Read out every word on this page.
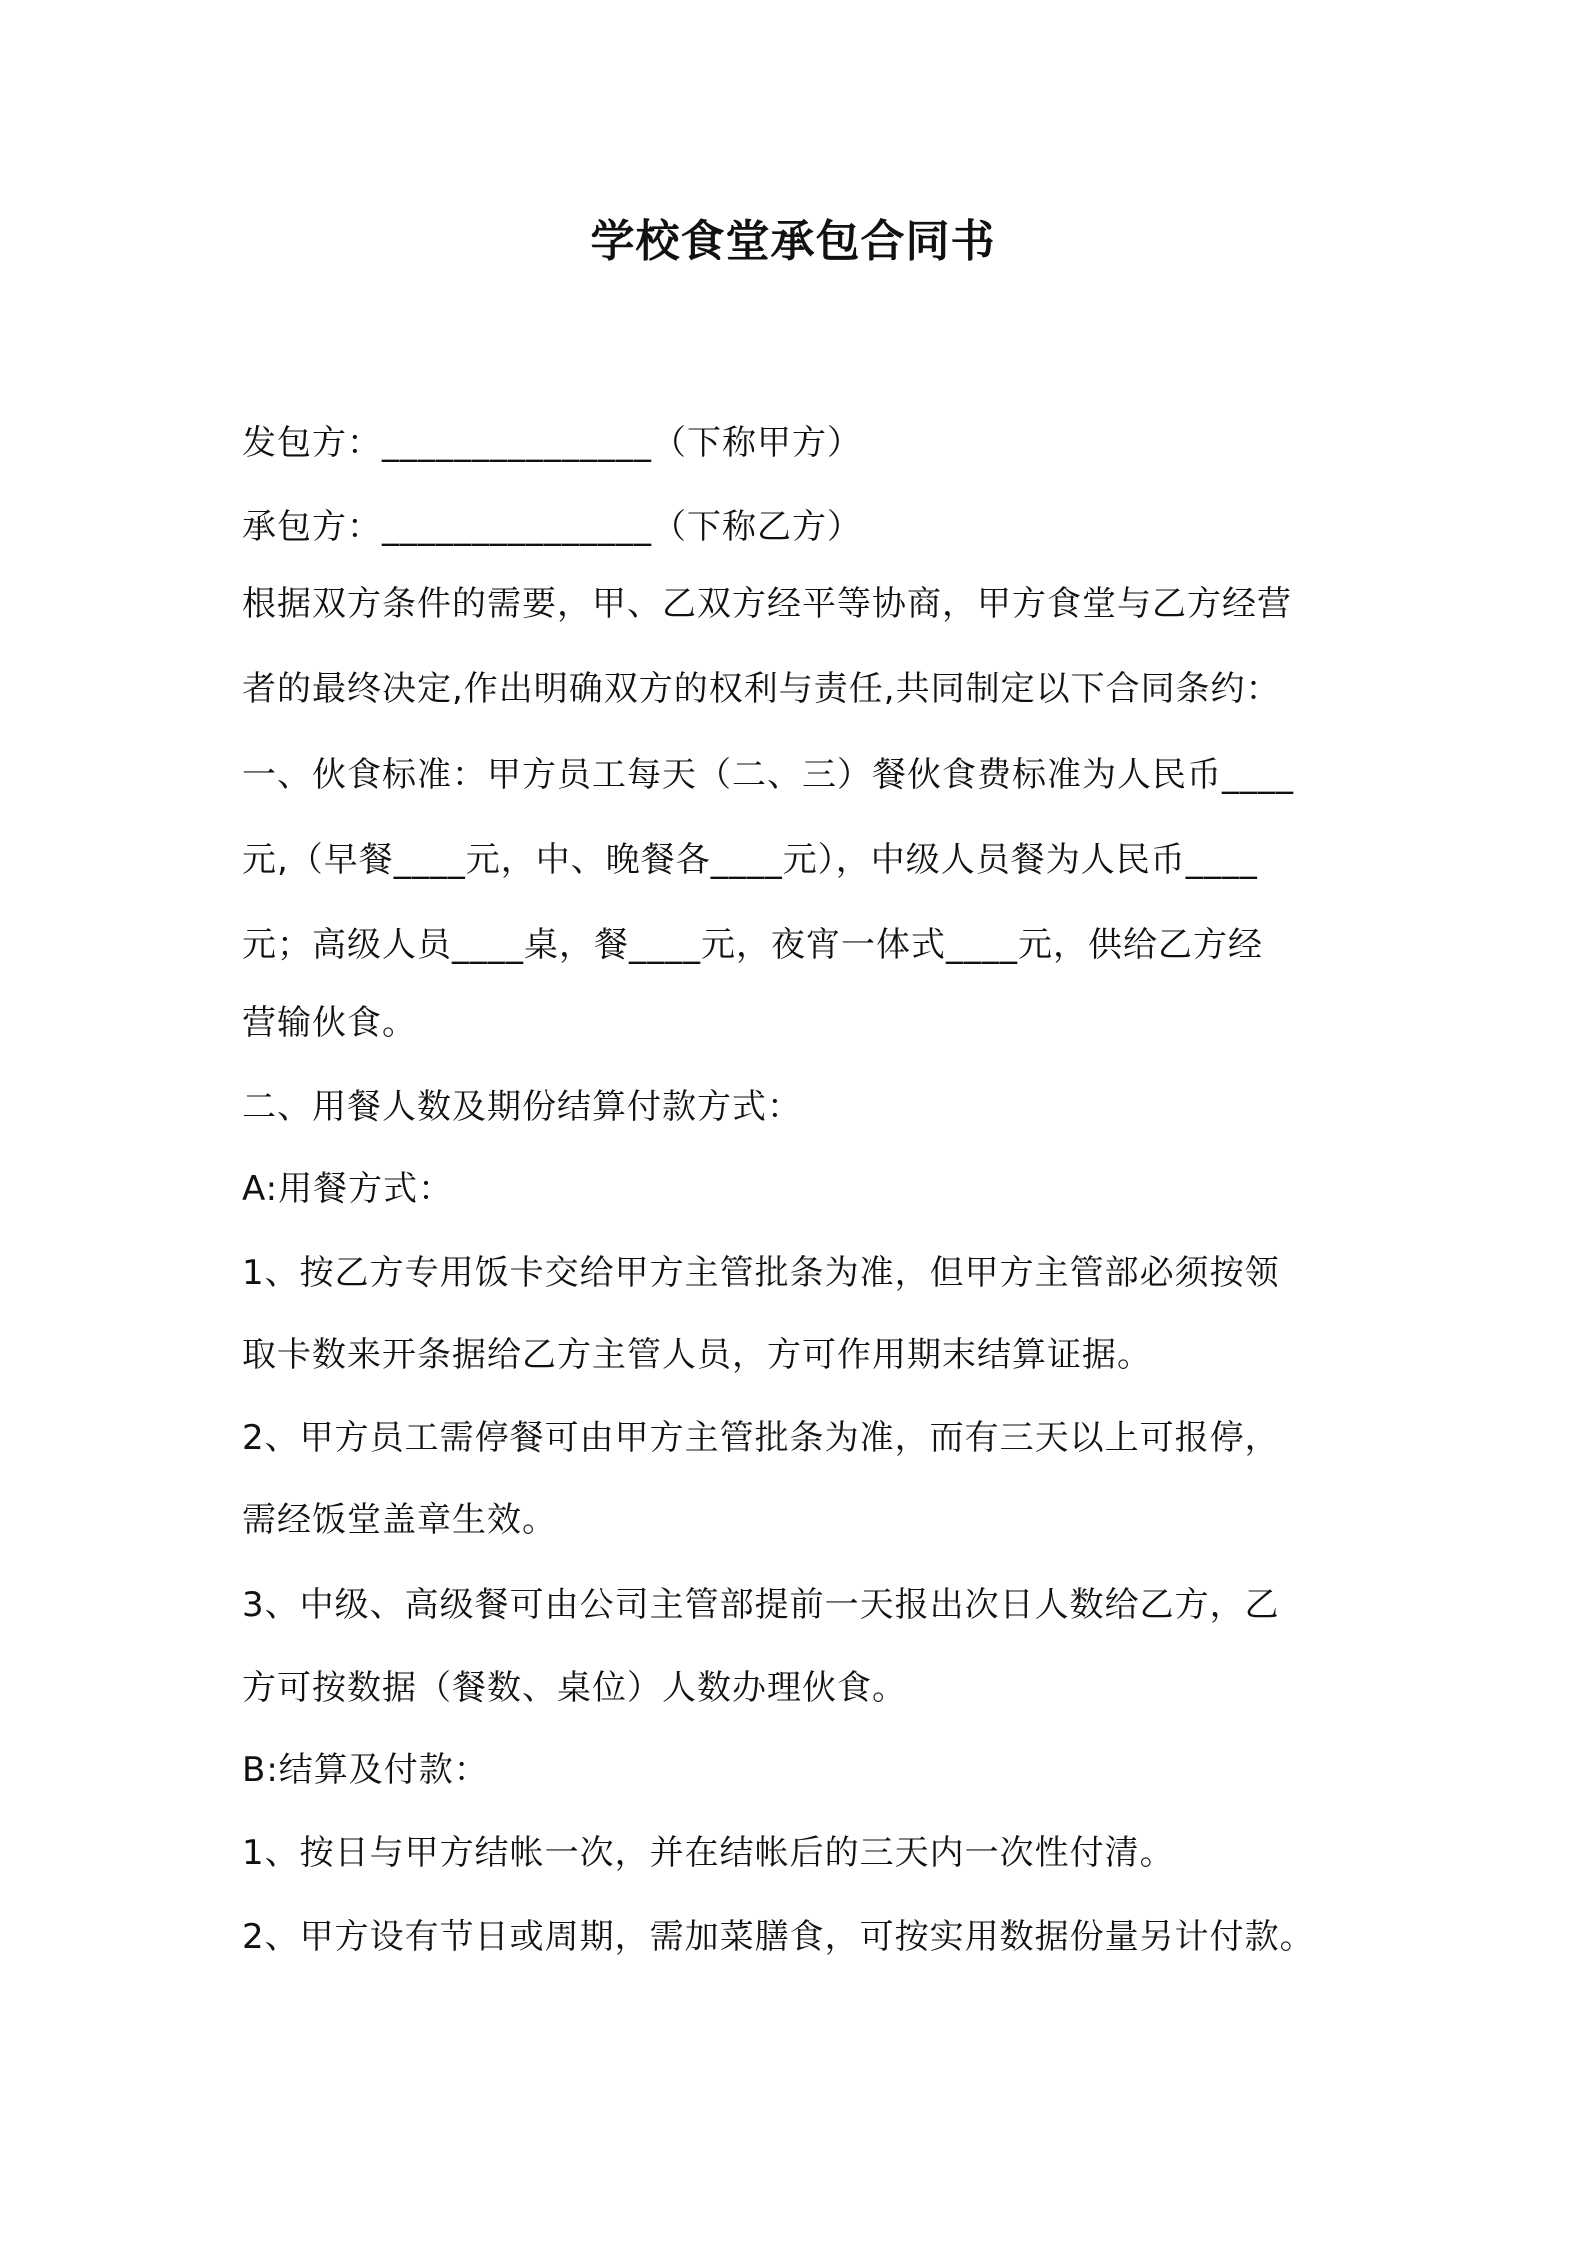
学校食堂承包合同书
发包方：_______________（下称甲方）
承包方：_______________（下称乙方）
根据双方条件的需要，甲、乙双方经平等协商，甲方食堂与乙方经营
者的最终决定,作出明确双方的权利与责任,共同制定以下合同条约：
一、伙食标准：甲方员工每天（二、三）餐伙食费标准为人民币____
元,（早餐____元，中、晚餐各____元），中级人员餐为人民币____
元；高级人员____桌，餐____元，夜宵一体式____元，供给乙方经
营输伙食。
二、用餐人数及期份结算付款方式：
A:用餐方式：
1、按乙方专用饭卡交给甲方主管批条为准，但甲方主管部必须按领
取卡数来开条据给乙方主管人员，方可作用期末结算证据。
2、甲方员工需停餐可由甲方主管批条为准，而有三天以上可报停，
需经饭堂盖章生效。
3、中级、高级餐可由公司主管部提前一天报出次日人数给乙方，乙
方可按数据（餐数、桌位）人数办理伙食。
B:结算及付款：
1、按日与甲方结帐一次，并在结帐后的三天内一次性付清。
2、甲方设有节日或周期，需加菜膳食，可按实用数据份量另计付款。
